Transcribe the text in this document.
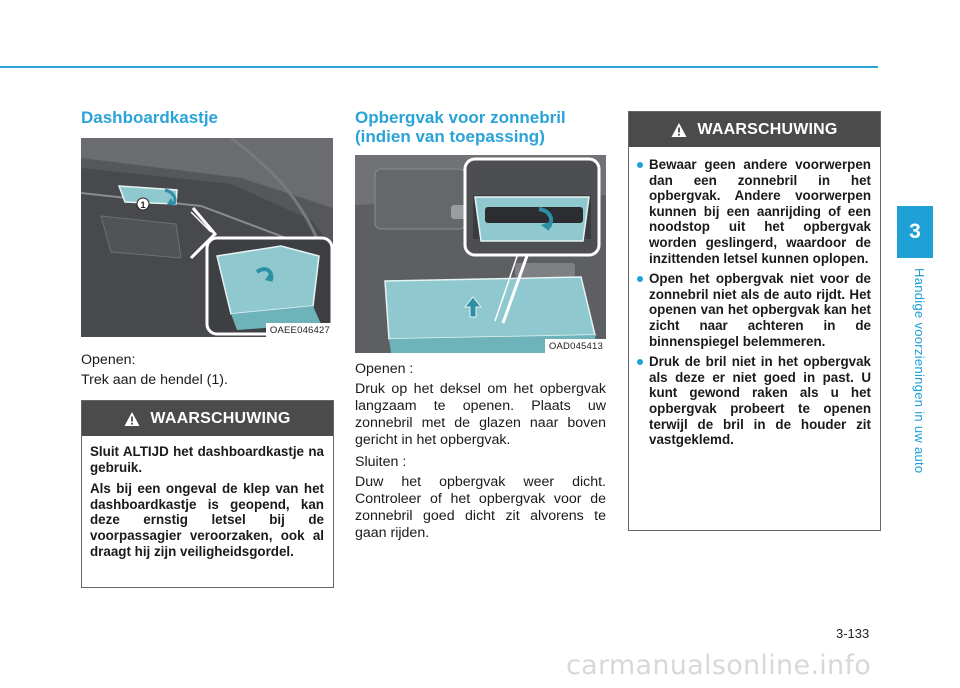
3
Handige voorzieningen in uw auto
Dashboardkastje
1
OAEE046427

Openen:

Trek aan de hendel (1).

WAARSCHUWING

Sluit ALTIJD het dashboardkastje na gebruik.

Als bij een ongeval de klep van het dashboardkastje is geopend, kan deze ernstig letsel bij de voorpassagier veroorzaken, ook al draagt hij zijn veiligheidsgordel.

Opbergvak voor zonnebril
(indien van toepassing)
OAD045413

Openen :

Druk op het deksel om het opbergvak langzaam te openen. Plaats uw zonnebril met de glazen naar boven gericht in het opbergvak.

Sluiten :

Duw het opbergvak weer dicht. Controleer of het opbergvak voor de zonnebril goed dicht zit alvorens te gaan rijden.

WAARSCHUWING
Bewaar geen andere voorwerpen dan een zonnebril in het opbergvak. Andere voorwerpen kunnen bij een aanrijding of een noodstop uit het opbergvak worden geslingerd, waardoor de inzittenden letsel kunnen oplopen.
Open het opbergvak niet voor de zonnebril niet als de auto rijdt. Het openen van het opbergvak kan het zicht naar achteren in de binnenspiegel belemmeren.
Druk de bril niet in het opbergvak als deze er niet goed in past. U kunt gewond raken als u het opbergvak probeert te openen terwijl de bril in de houder zit vastgeklemd.
3-133
carmanualsonline.info
